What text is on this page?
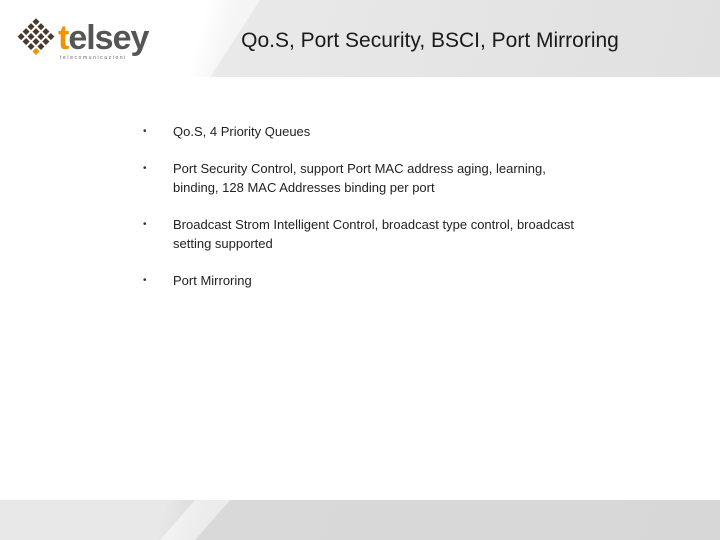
telsey
telecomunicazioni
Qo.S, Port Security, BSCI, Port Mirroring
• Qo.S, 4 Priority Queues
• Port Security Control, support Port MAC address aging, learning, binding, 128 MAC Addresses binding per port
• Broadcast Strom Intelligent Control, broadcast type control, broadcast setting supported
• Port Mirroring
